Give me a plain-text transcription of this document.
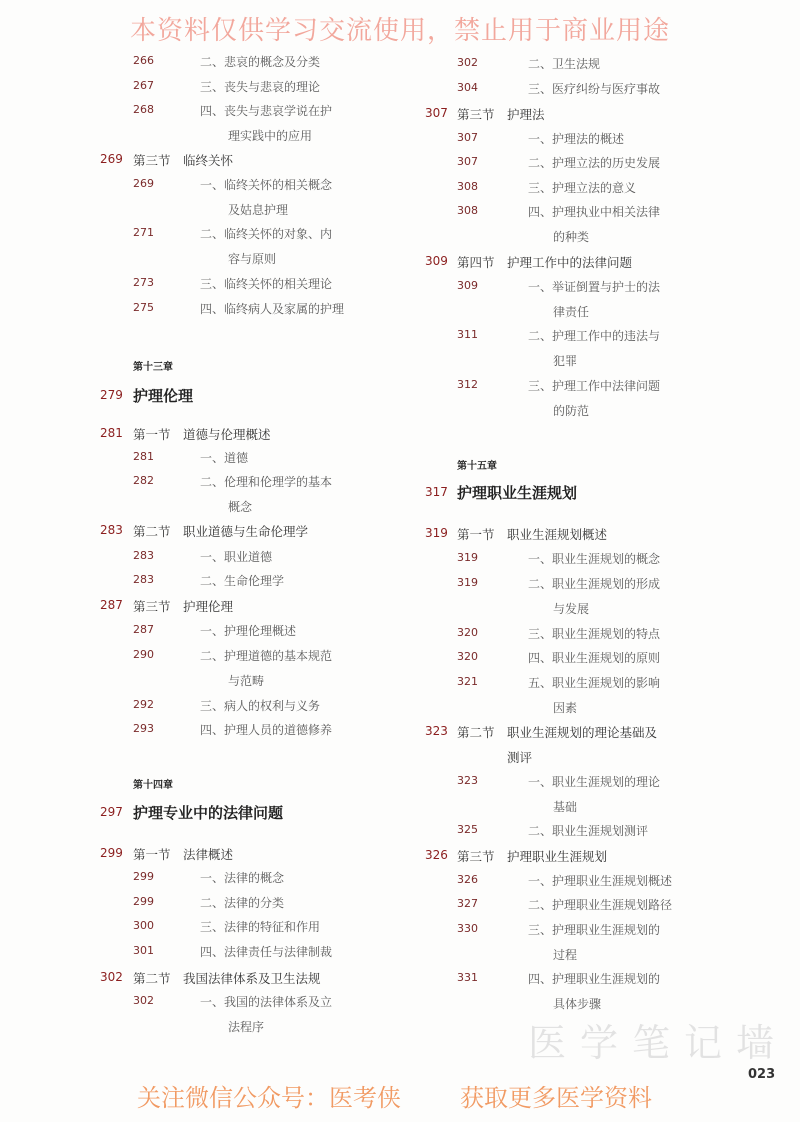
本资料仅供学习交流使用，禁止用于商业用途
医学笔记墙
266	二、悲哀的概念及分类
267	三、丧失与悲哀的理论
268	四、丧失与悲哀学说在护
理实践中的应用
269 第三节 临终关怀
269	一、临终关怀的相关概念
及姑息护理
271	二、临终关怀的对象、内
容与原则
273	三、临终关怀的相关理论
275	四、临终病人及家属的护理
第十三章
279 护理伦理
281 第一节 道德与伦理概述
281	一、道德
282	二、伦理和伦理学的基本
概念
283 第二节 职业道德与生命伦理学
283	一、职业道德
283	二、生命伦理学
287 第三节 护理伦理
287	一、护理伦理概述
290	二、护理道德的基本规范
与范畴
292	三、病人的权利与义务
293	四、护理人员的道德修养
第十四章
297 护理专业中的法律问题
299 第一节 法律概述
299	一、法律的概念
299	二、法律的分类
300	三、法律的特征和作用
301	四、法律责任与法律制裁
302 第二节 我国法律体系及卫生法规
302	一、我国的法律体系及立
法程序
302	二、卫生法规
304	三、医疗纠纷与医疗事故
307 第三节 护理法
307	一、护理法的概述
307	二、护理立法的历史发展
308	三、护理立法的意义
308	四、护理执业中相关法律
的种类
309 第四节 护理工作中的法律问题
309	一、举证倒置与护士的法
律责任
311	二、护理工作中的违法与
犯罪
312	三、护理工作中法律问题
的防范
第十五章
317 护理职业生涯规划
319 第一节 职业生涯规划概述
319	一、职业生涯规划的概念
319	二、职业生涯规划的形成
与发展
320	三、职业生涯规划的特点
320	四、职业生涯规划的原则
321	五、职业生涯规划的影响
因素
323 第二节 职业生涯规划的理论基础及
测评
323	一、职业生涯规划的理论
基础
325	二、职业生涯规划测评
326 第三节 护理职业生涯规划
326	一、护理职业生涯规划概述
327	二、护理职业生涯规划路径
330	三、护理职业生涯规划的
过程
331	四、护理职业生涯规划的
具体步骤
023
关注微信公众号：医考侠 获取更多医学资料
